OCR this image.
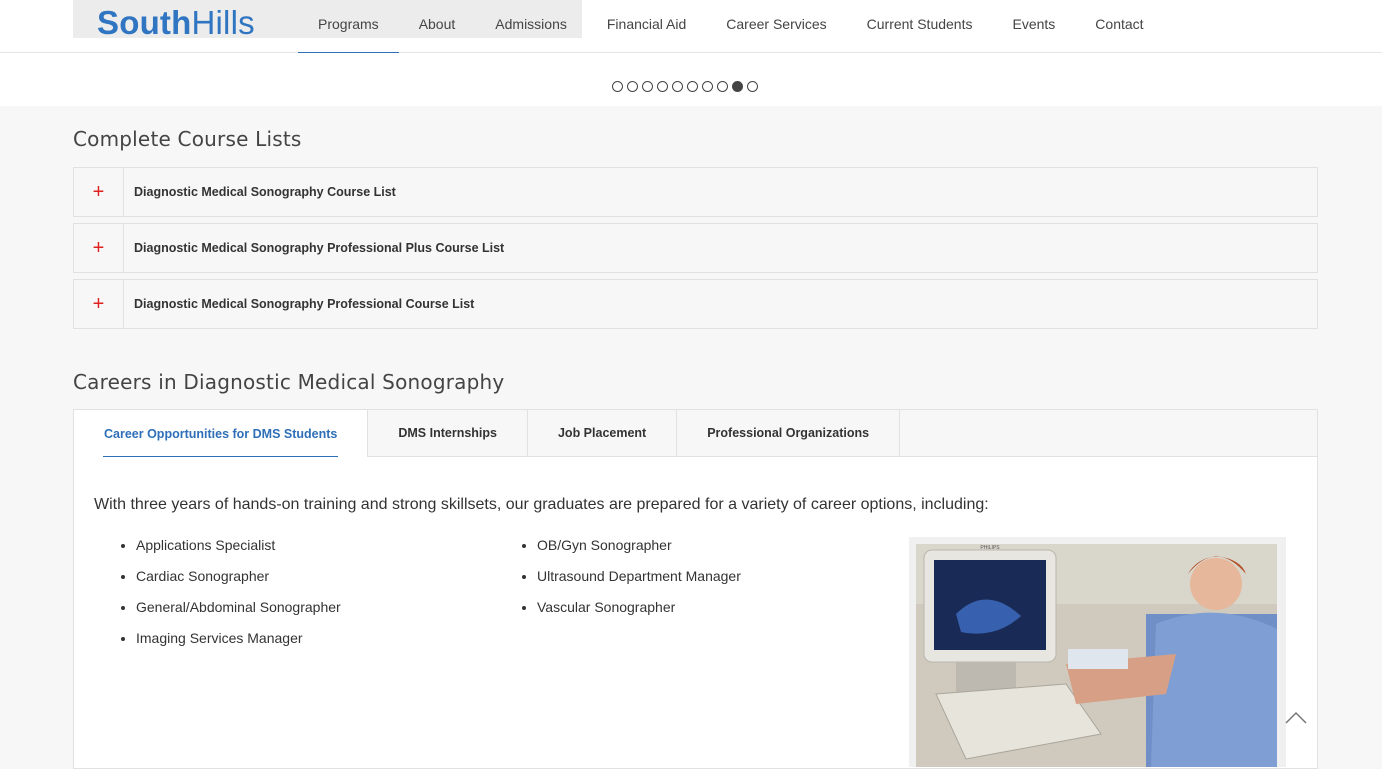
SouthHills	Programs	About	Admissions	Financial Aid	Career Services	Current Students	Events	Contact
Complete Course Lists
+	Diagnostic Medical Sonography Course List
+	Diagnostic Medical Sonography Professional Plus Course List
+	Diagnostic Medical Sonography Professional Course List
Careers in Diagnostic Medical Sonography
Career Opportunities for DMS Students	DMS Internships	Job Placement	Professional Organizations
With three years of hands-on training and strong skillsets, our graduates are prepared for a variety of career options, including:
• Applications Specialist
• Cardiac Sonographer
• General/Abdominal Sonographer
• Imaging Services Manager
• OB/Gyn Sonographer
• Ultrasound Department Manager
• Vascular Sonographer
PHILIPS
